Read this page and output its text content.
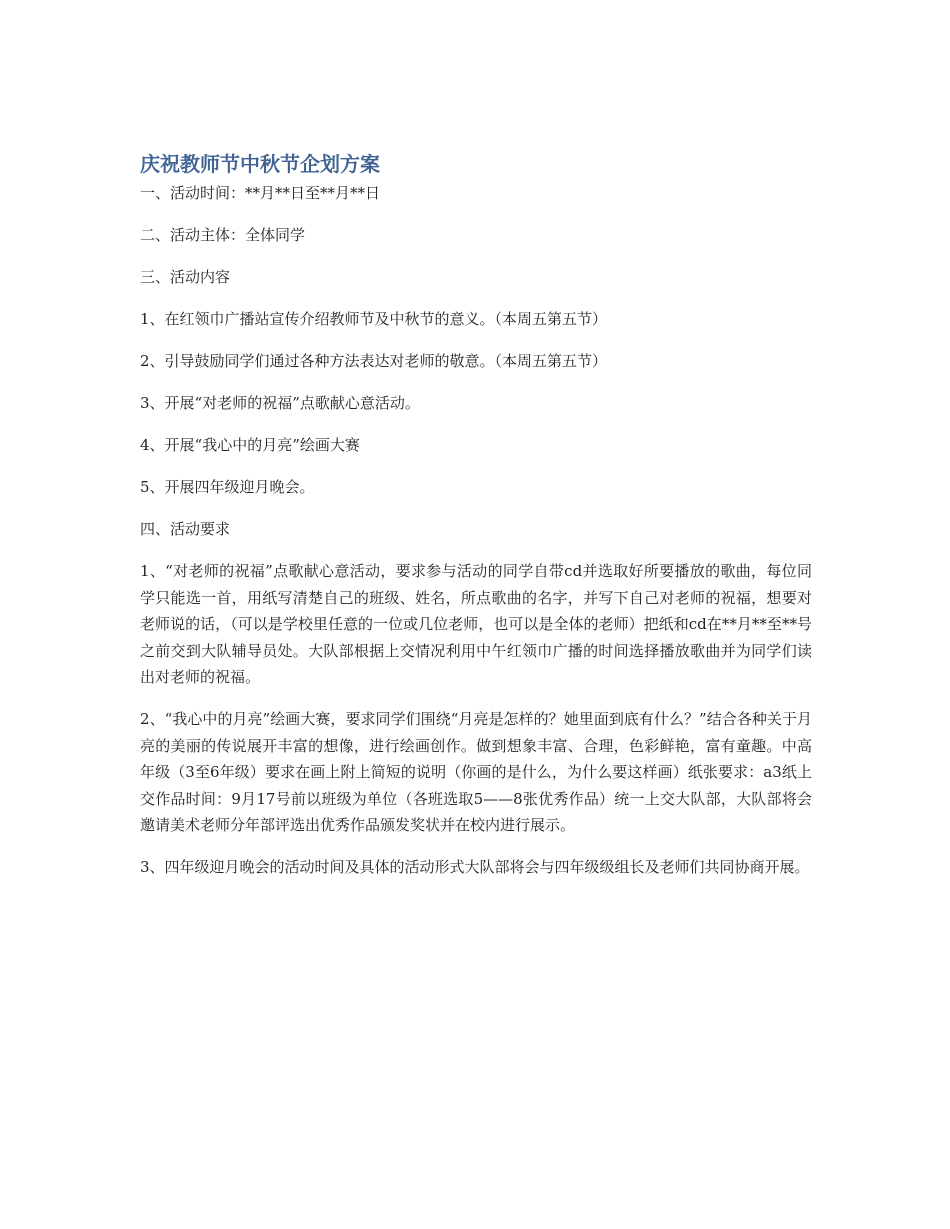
庆祝教师节中秋节企划方案

一、活动时间：**月**日至**月**日

二、活动主体：全体同学

三、活动内容

1、在红领巾广播站宣传介绍教师节及中秋节的意义。（本周五第五节）

2、引导鼓励同学们通过各种方法表达对老师的敬意。（本周五第五节）

3、开展“对老师的祝福”点歌献心意活动。

4、开展“我心中的月亮”绘画大赛

5、开展四年级迎月晚会。

四、活动要求

1、“对老师的祝福”点歌献心意活动，要求参与活动的同学自带cd并选取好所要播放的歌曲，每位同学只能选一首，用纸写清楚自己的班级、姓名，所点歌曲的名字，并写下自己对老师的祝福，想要对老师说的话，（可以是学校里任意的一位或几位老师，也可以是全体的老师）把纸和cd在**月**至**号之前交到大队辅导员处。大队部根据上交情况利用中午红领巾广播的时间选择播放歌曲并为同学们读出对老师的祝福。

2、“我心中的月亮”绘画大赛，要求同学们围绕“月亮是怎样的？她里面到底有什么？”结合各种关于月亮的美丽的传说展开丰富的想像，进行绘画创作。做到想象丰富、合理，色彩鲜艳，富有童趣。中高年级（3至6年级）要求在画上附上简短的说明（你画的是什么，为什么要这样画）纸张要求：a3纸上交作品时间：9月17号前以班级为单位（各班选取5——8张优秀作品）统一上交大队部，大队部将会邀请美术老师分年部评选出优秀作品颁发奖状并在校内进行展示。

3、四年级迎月晚会的活动时间及具体的活动形式大队部将会与四年级级组长及老师们共同协商开展。
